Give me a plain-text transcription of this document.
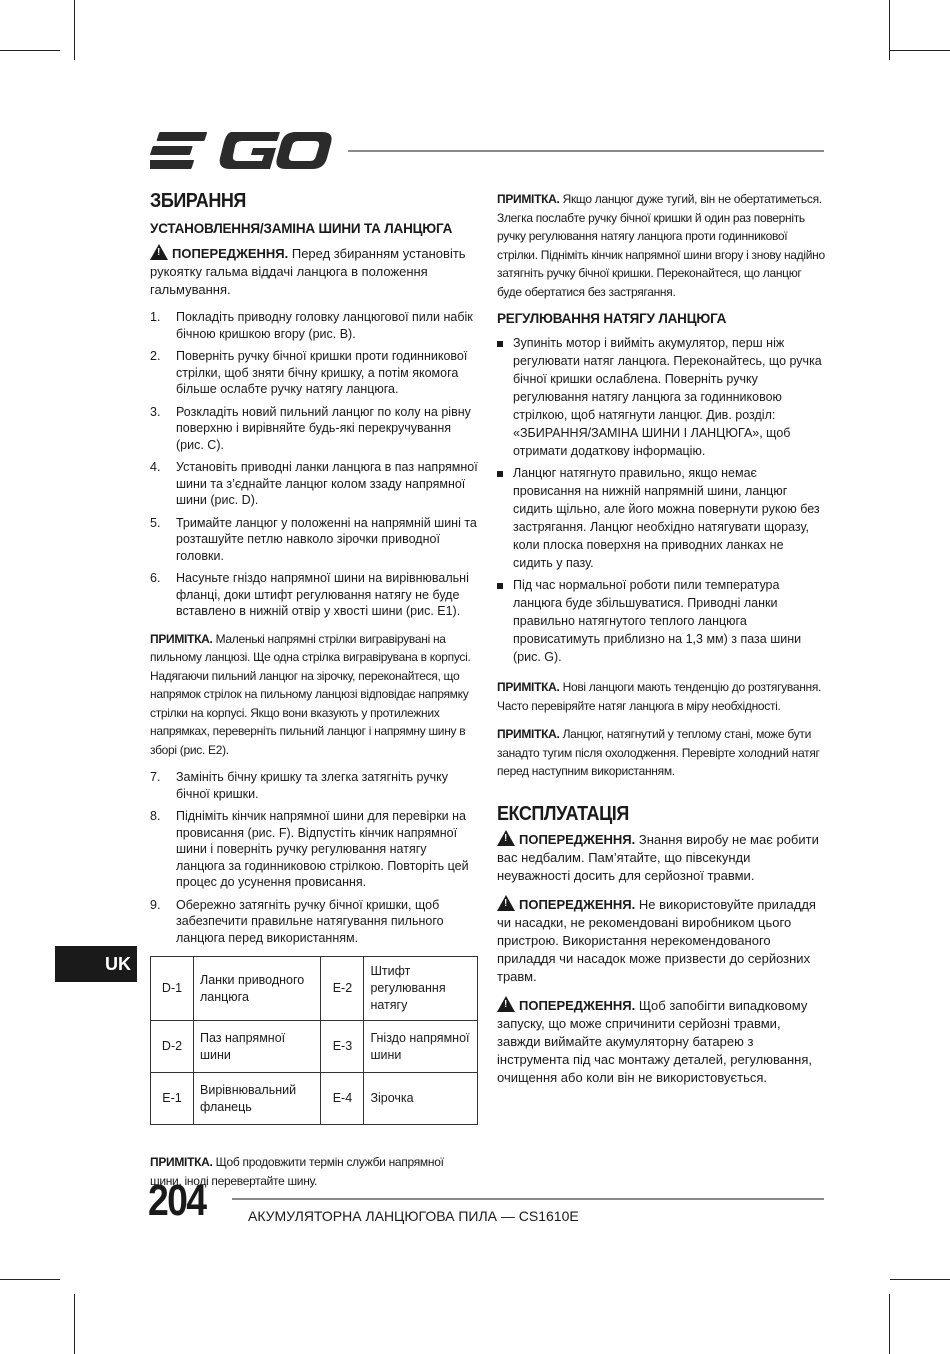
ЗБИРАННЯ
УСТАНОВЛЕННЯ/ЗАМІНА ШИНИ ТА ЛАНЦЮГА

! ПОПЕРЕДЖЕННЯ. Перед збиранням установіть рукоятку гальма віддачі ланцюга в положення гальмування.

1.	Покладіть приводну головку ланцюгової пили набік бічною кришкою вгору (рис. B).
2.	Поверніть ручку бічної кришки проти годинникової стрілки, щоб зняти бічну кришку, а потім якомога більше ослабте ручку натягу ланцюга.
3.	Розкладіть новий пильний ланцюг по колу на рівну поверхню і вирівняйте будь-які перекручування (рис. C).
4.	Установіть приводні ланки ланцюга в паз напрямної шини та з’єднайте ланцюг колом ззаду напрямної шини (рис. D).
5.	Тримайте ланцюг у положенні на напрямній шині та розташуйте петлю навколо зірочки приводної головки.
6.	Насуньте гніздо напрямної шини на вирівнювальні фланці, доки штифт регулювання натягу не буде вставлено в нижній отвір у хвості шини (рис. E1).

ПРИМІТКА. Маленькі напрямні стрілки вигравірувані на пильному ланцюзі. Ще одна стрілка вигравірувана в корпусі. Надягаючи пильний ланцюг на зірочку, переконайтеся, що напрямок стрілок на пильному ланцюзі відповідає напрямку стрілки на корпусі. Якщо вони вказують у протилежних напрямках, переверніть пильний ланцюг і напрямну шину в зборі (рис. E2).

7.	Замініть бічну кришку та злегка затягніть ручку бічної кришки.
8.	Підніміть кінчик напрямної шини для перевірки на провисання (рис. F). Відпустіть кінчик напрямної шини і поверніть ручку регулювання натягу ланцюга за годинниковою стрілкою. Повторіть цей процес до усунення провисання.
9.	Обережно затягніть ручку бічної кришки, щоб забезпечити правильне натягування пильного ланцюга перед використанням.
D-1	Ланки приводного ланцюга	E-2	Штифт регулювання натягу
D-2	Паз напрямної шини	E-3	Гніздо напрямної шини
E-1	Вирівнювальний фланець	E-4	Зірочка

ПРИМІТКА. Щоб продовжити термін служби напрямної шини, іноді перевертайте шину.

ПРИМІТКА. Якщо ланцюг дуже тугий, він не обертатиметься. Злегка послабте ручку бічної кришки й один раз поверніть ручку регулювання натягу ланцюга проти годинникової стрілки. Підніміть кінчик напрямної шини вгору і знову надійно затягніть ручку бічної кришки. Переконайтеся, що ланцюг буде обертатися без застрягання.

РЕГУЛЮВАННЯ НАТЯГУ ЛАНЦЮГА
Зупиніть мотор і вийміть акумулятор, перш ніж регулювати натяг ланцюга. Переконайтесь, що ручка бічної кришки ослаблена. Поверніть ручку регулювання натягу ланцюга за годинниковою стрілкою, щоб натягнути ланцюг. Див. розділ: «ЗБИРАННЯ/ЗАМІНА ШИНИ І ЛАНЦЮГА», щоб отримати додаткову інформацію.
Ланцюг натягнуто правильно, якщо немає провисання на нижній напрямній шини, ланцюг сидить щільно, але його можна повернути рукою без застрягання. Ланцюг необхідно натягувати щоразу, коли плоска поверхня на приводних ланках не сидить у пазу.
Під час нормальної роботи пили температура ланцюга буде збільшуватися. Приводні ланки правильно натягнутого теплого ланцюга провисатимуть приблизно на 1,3 мм) з паза шини (рис. G).

ПРИМІТКА. Нові ланцюги мають тенденцію до розтягування. Часто перевіряйте натяг ланцюга в міру необхідності.

ПРИМІТКА. Ланцюг, натягнутий у теплому стані, може бути занадто тугим після охолодження. Перевірте холодний натяг перед наступним використанням.

ЕКСПЛУАТАЦІЯ

! ПОПЕРЕДЖЕННЯ. Знання виробу не має робити вас недбалим. Пам’ятайте, що півсекунди неуважності досить для серйозної травми.

! ПОПЕРЕДЖЕННЯ. Не використовуйте приладдя чи насадки, не рекомендовані виробником цього пристрою. Використання нерекомендованого приладдя чи насадок може призвести до серйозних травм.

! ПОПЕРЕДЖЕННЯ. Щоб запобігти випадковому запуску, що може спричинити серйозні травми, завжди виймайте акумуляторну батарею з інструмента під час монтажу деталей, регулювання, очищення або коли він не використовується.

UK
204	АКУМУЛЯТОРНА ЛАНЦЮГОВА ПИЛА — CS1610E
